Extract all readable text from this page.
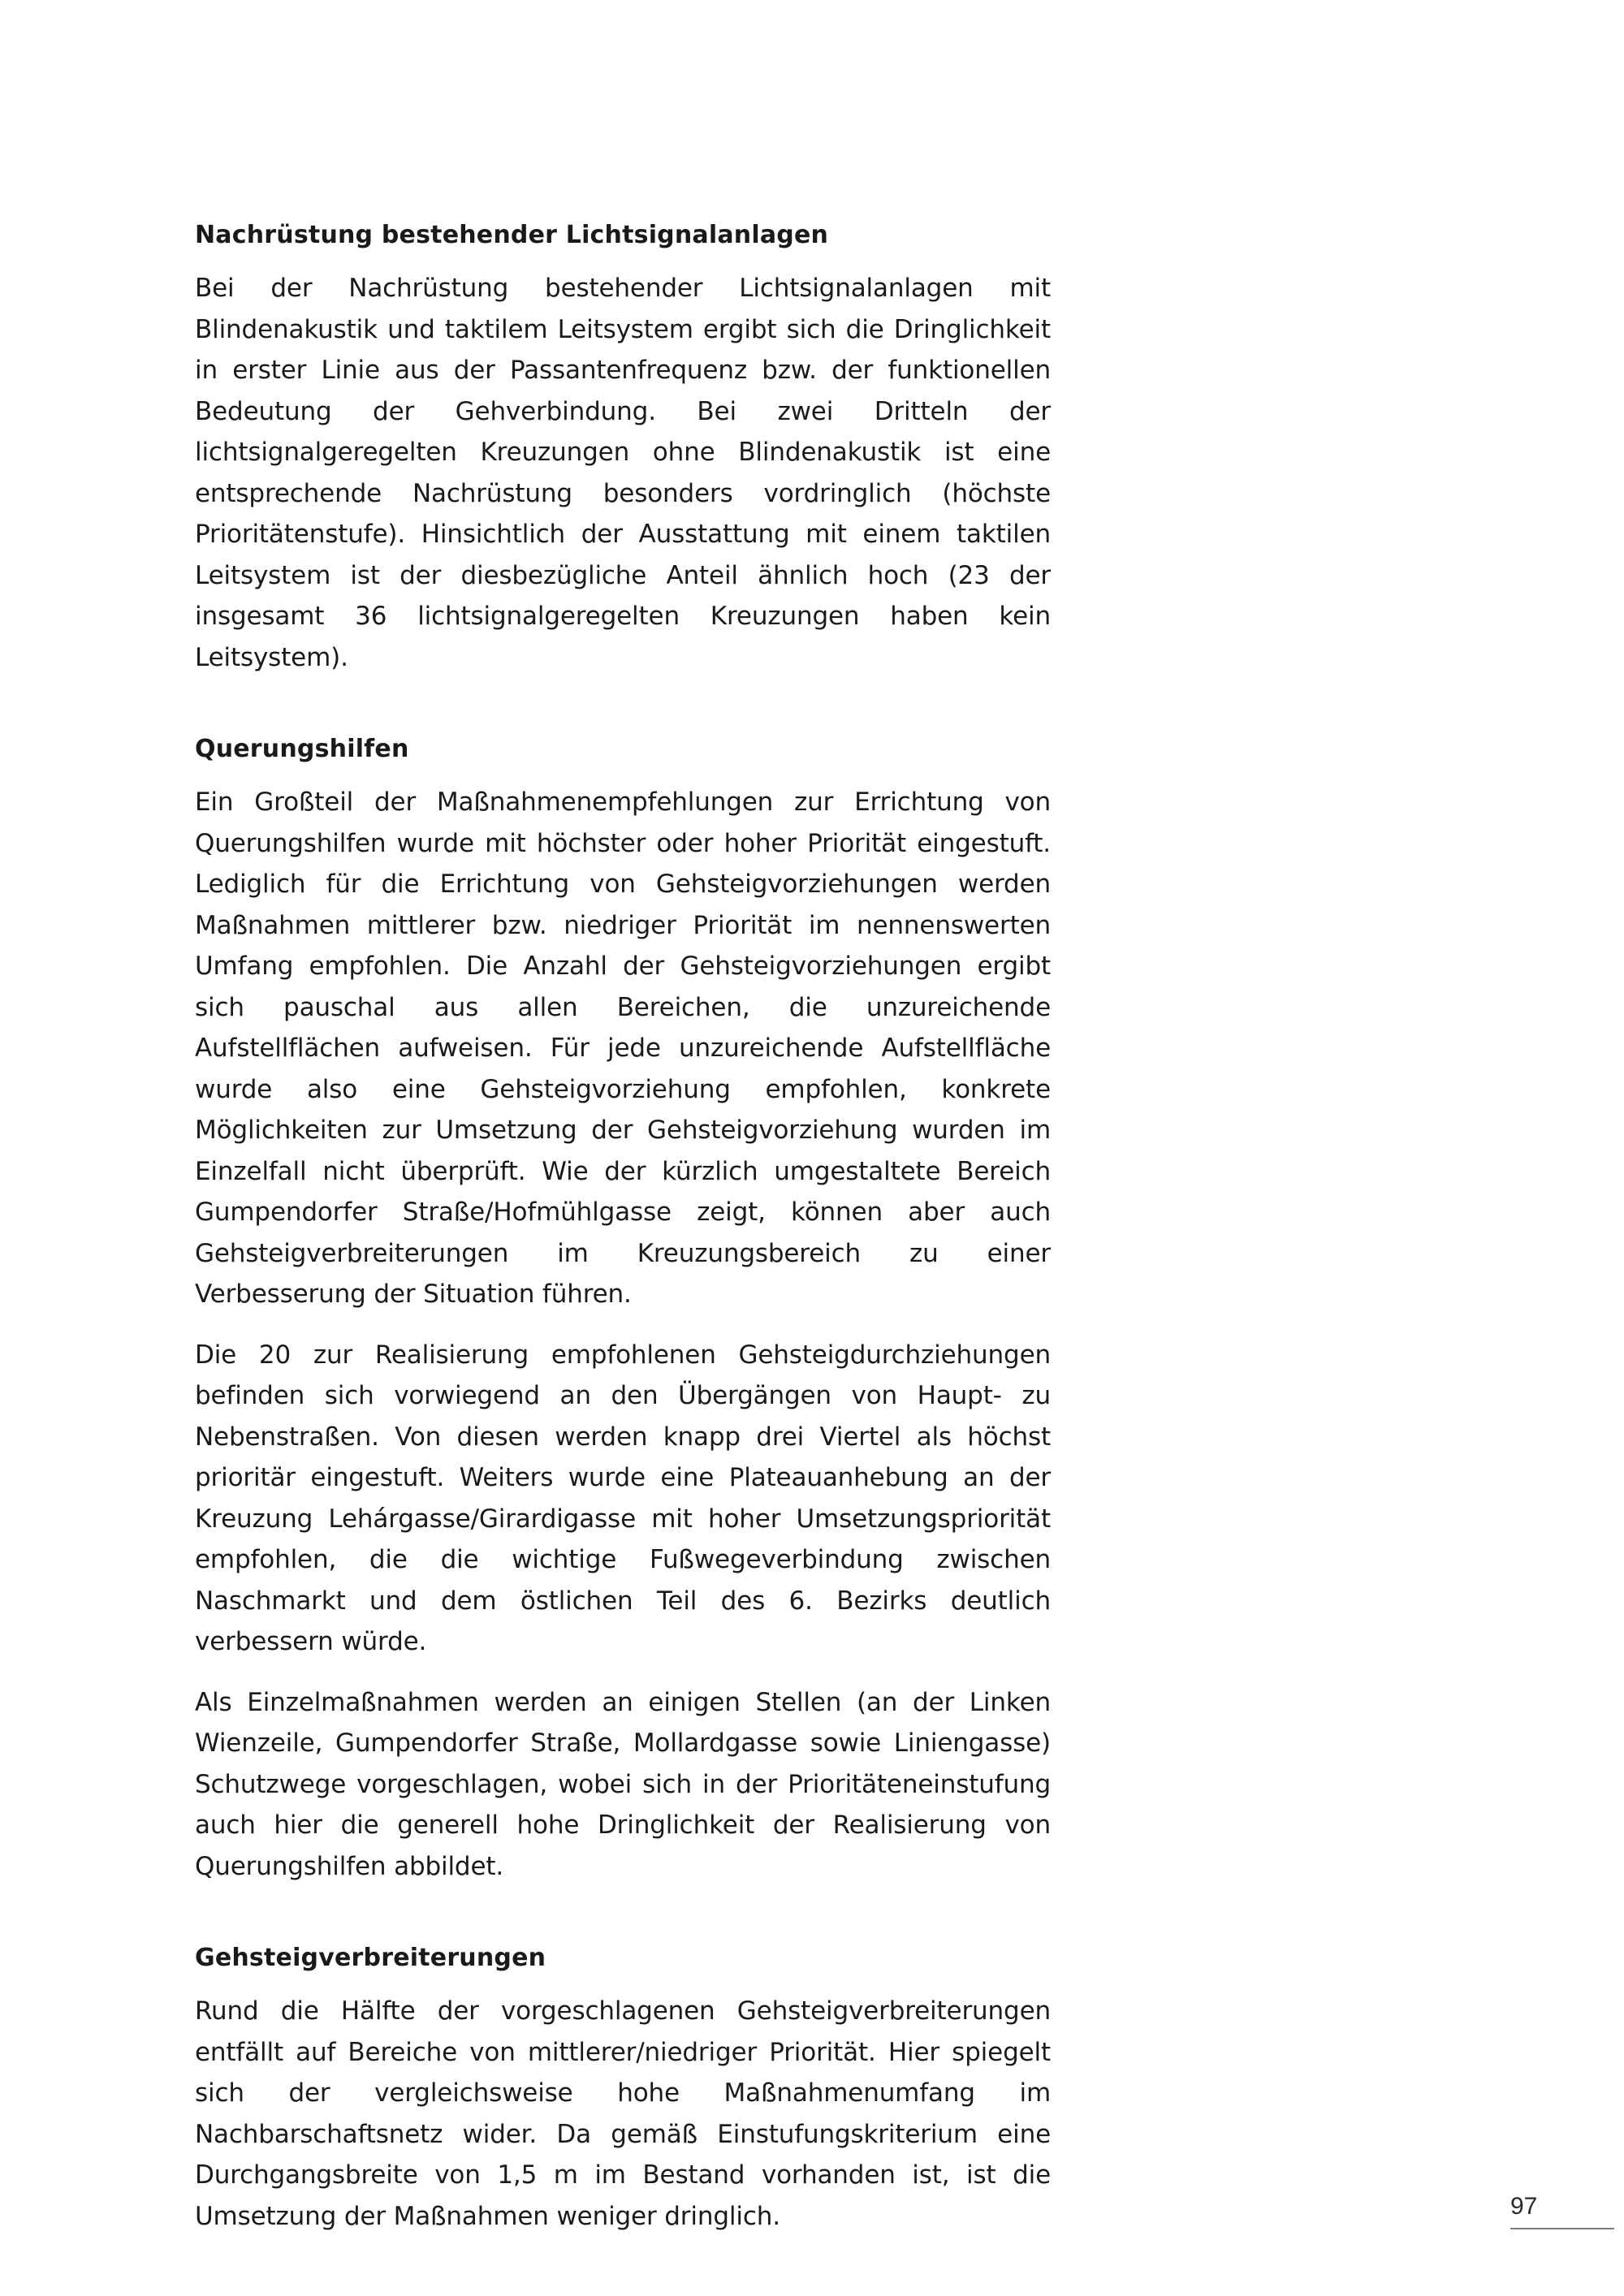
Nachrüstung bestehender Lichtsignalanlagen

Bei der Nachrüstung bestehender Lichtsignalanlagen mit Blindenakustik und taktilem Leitsystem ergibt sich die Dringlichkeit in erster Linie aus der Passantenfrequenz bzw. der funktionellen Bedeutung der Gehverbindung. Bei zwei Dritteln der lichtsignalgeregelten Kreuzungen ohne Blindenakustik ist eine entsprechende Nachrüstung besonders vordringlich (höchste Prioritätenstufe). Hinsichtlich der Ausstattung mit einem taktilen Leitsystem ist der diesbezügliche Anteil ähnlich hoch (23 der insgesamt 36 lichtsignalgeregelten Kreuzungen haben kein Leitsystem).

Querungshilfen

Ein Großteil der Maßnahmenempfehlungen zur Errichtung von Querungshilfen wurde mit höchster oder hoher Priorität eingestuft. Lediglich für die Errichtung von Gehsteigvorziehungen werden Maßnahmen mittlerer bzw. niedriger Priorität im nennenswerten Umfang empfohlen. Die Anzahl der Gehsteigvorziehungen ergibt sich pauschal aus allen Bereichen, die unzureichende Aufstellflächen aufweisen. Für jede unzureichende Aufstellfläche wurde also eine Gehsteigvorziehung empfohlen, konkrete Möglichkeiten zur Umsetzung der Gehsteigvorziehung wurden im Einzelfall nicht überprüft. Wie der kürzlich umgestaltete Bereich Gumpendorfer Straße/Hofmühlgasse zeigt, können aber auch Gehsteigverbreiterungen im Kreuzungsbereich zu einer Verbesserung der Situation führen.

Die 20 zur Realisierung empfohlenen Gehsteigdurchziehungen befinden sich vorwiegend an den Übergängen von Haupt- zu Nebenstraßen. Von diesen werden knapp drei Viertel als höchst prioritär eingestuft. Weiters wurde eine Plateauanhebung an der Kreuzung Lehárgasse/Girardigasse mit hoher Umsetzungspriorität empfohlen, die die wichtige Fußwegeverbindung zwischen Naschmarkt und dem östlichen Teil des 6. Bezirks deutlich verbessern würde.

Als Einzelmaßnahmen werden an einigen Stellen (an der Linken Wienzeile, Gumpendorfer Straße, Mollardgasse sowie Liniengasse) Schutzwege vorgeschlagen, wobei sich in der Prioritäteneinstufung auch hier die generell hohe Dringlichkeit der Realisierung von Querungshilfen abbildet.

Gehsteigverbreiterungen

Rund die Hälfte der vorgeschlagenen Gehsteigverbreiterungen entfällt auf Bereiche von mittlerer/niedriger Priorität. Hier spiegelt sich der vergleichsweise hohe Maßnahmenumfang im Nachbarschaftsnetz wider. Da gemäß Einstufungskriterium eine Durchgangsbreite von 1,5 m im Bestand vorhanden ist, ist die Umsetzung der Maßnahmen weniger dringlich.	97
